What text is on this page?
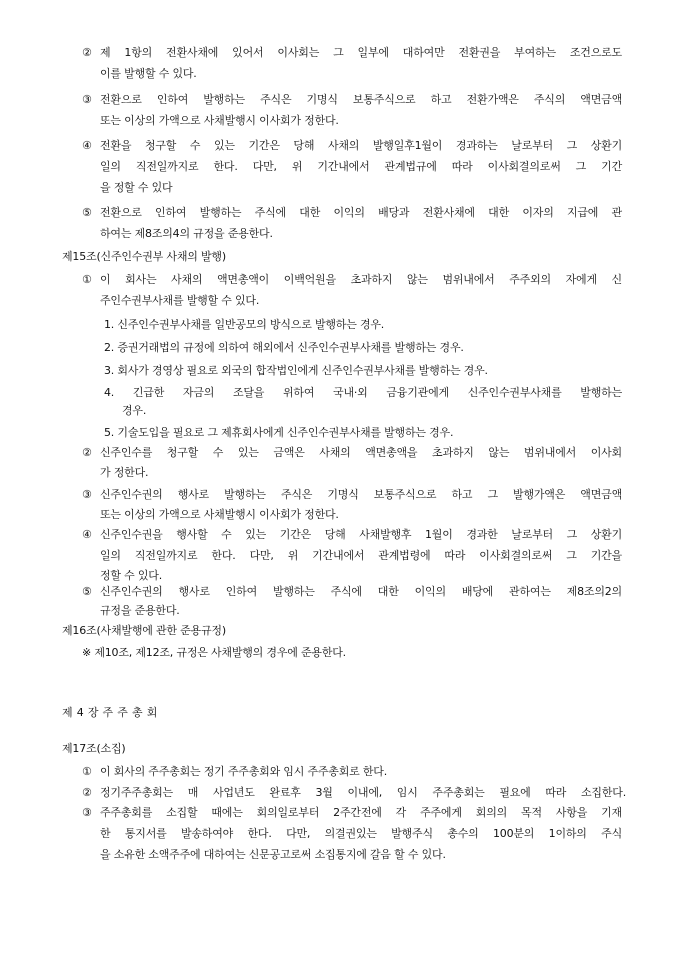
② 제 1항의 전환사채에 있어서 이사회는 그 일부에 대하여만 전환권을 부여하는 조건으로도
이를 발행할 수 있다.
③ 전환으로 인하여 발행하는 주식은 기명식 보통주식으로 하고 전환가액은 주식의 액면금액
또는 이상의 가액으로 사채발행시 이사회가 정한다.
④ 전환을 청구할 수 있는 기간은 당해 사채의 발행일후1월이 경과하는 날로부터 그 상환기
일의 직전일까지로 한다. 다만, 위 기간내에서 관계법규에 따라 이사회결의로써 그 기간
을 정할 수 있다
⑤ 전환으로 인하여 발행하는 주식에 대한 이익의 배당과 전환사채에 대한 이자의 지급에 관
하여는 제8조의4의 규정을 준용한다.
제15조(신주인수권부 사채의 발행)
① 이 회사는 사채의 액면총액이 이백억원을 초과하지 않는 범위내에서 주주외의 자에게 신
주인수권부사채를 발행할 수 있다.
1. 신주인수권부사채를 일반공모의 방식으로 발행하는 경우.
2. 증권거래법의 규정에 의하여 해외에서 신주인수권부사채를 발행하는 경우.
3. 회사가 경영상 필요로 외국의 합작법인에게 신주인수권부사채를 발행하는 경우.
4. 긴급한 자금의 조달을 위하여 국내·외 금융기관에게 신주인수권부사채를 발행하는
경우.
5. 기술도입을 필요로 그 제휴회사에게 신주인수권부사채를 발행하는 경우.
② 신주인수를 청구할 수 있는 금액은 사채의 액면총액을 초과하지 않는 범위내에서 이사회
가 정한다.
③ 신주인수권의 행사로 발행하는 주식은 기명식 보통주식으로 하고 그 발행가액은 액면금액
또는 이상의 가액으로 사채발행시 이사회가 정한다.
④ 신주인수권을 행사할 수 있는 기간은 당해 사채발행후 1월이 경과한 날로부터 그 상환기
일의 직전일까지로 한다. 다만, 위 기간내에서 관계법령에 따라 이사회결의로써 그 기간을
정할 수 있다.
⑤ 신주인수권의 행사로 인하여 발행하는 주식에 대한 이익의 배당에 관하여는 제8조의2의
규정을 준용한다.
제16조(사채발행에 관한 준용규정)
※ 제10조, 제12조, 규정은 사채발행의 경우에 준용한다.
제 4 장 주 주 총 회
제17조(소집)
① 이 회사의 주주총회는 정기 주주총회와 임시 주주총회로 한다.
② 정기주주총회는 매 사업년도 완료후 3월 이내에, 임시 주주총회는 필요에 따라 소집한다.
③ 주주총회를 소집할 때에는 회의일로부터 2주간전에 각 주주에게 회의의 목적 사항을 기재
한 통지서를 발송하여야 한다. 다만, 의결권있는 발행주식 총수의 100분의 1이하의 주식
을 소유한 소액주주에 대하여는 신문공고로써 소집통지에 갈음 할 수 있다.
